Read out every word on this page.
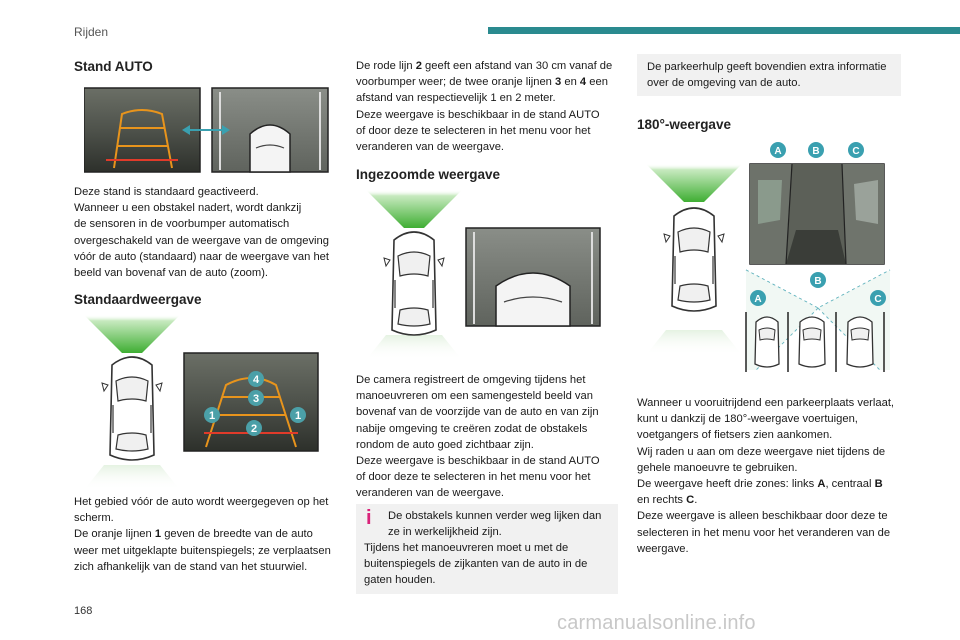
Rijden
Stand AUTO

Deze stand is standaard geactiveerd.

Wanneer u een obstakel nadert, wordt dankzij

de sensoren in de voorbumper automatisch

overgeschakeld van de weergave van de omgeving

vóór de auto (standaard) naar de weergave van het

beeld van bovenaf van de auto (zoom).

Standaardweergave
4
3
1	1
2

Het gebied vóór de auto wordt weergegeven op het

scherm.

De oranje lijnen 1 geven de breedte van de auto

weer met uitgeklapte buitenspiegels; ze verplaatsen

zich afhankelijk van de stand van het stuurwiel.

De rode lijn 2 geeft een afstand van 30 cm vanaf de

voorbumper weer; de twee oranje lijnen 3 en 4 een

afstand van respectievelijk 1 en 2 meter.

Deze weergave is beschikbaar in de stand AUTO

of door deze te selecteren in het menu voor het

veranderen van de weergave.

Ingezoomde weergave

De camera registreert de omgeving tijdens het

manoeuvreren om een samengesteld beeld van

bovenaf van de voorzijde van de auto en van zijn

nabije omgeving te creëren zodat de obstakels

rondom de auto goed zichtbaar zijn.

Deze weergave is beschikbaar in de stand AUTO

of door deze te selecteren in het menu voor het

veranderen van de weergave.

i De obstakels kunnen verder weg lijken dan

ze in werkelijkheid zijn.

Tijdens het manoeuvreren moet u met de

buitenspiegels de zijkanten van de auto in de

gaten houden.

De parkeerhulp geeft bovendien extra informatie

over de omgeving van de auto.

180°-weergave
A	B	C
B
A	C

Wanneer u vooruitrijdend een parkeerplaats verlaat,

kunt u dankzij de 180°-weergave voertuigen,

voetgangers of fietsers zien aankomen.

Wij raden u aan om deze weergave niet tijdens de

gehele manoeuvre te gebruiken.

De weergave heeft drie zones: links A, centraal B

en rechts C.

Deze weergave is alleen beschikbaar door deze te

selecteren in het menu voor het veranderen van de

weergave.

168
carmanualsonline.info
